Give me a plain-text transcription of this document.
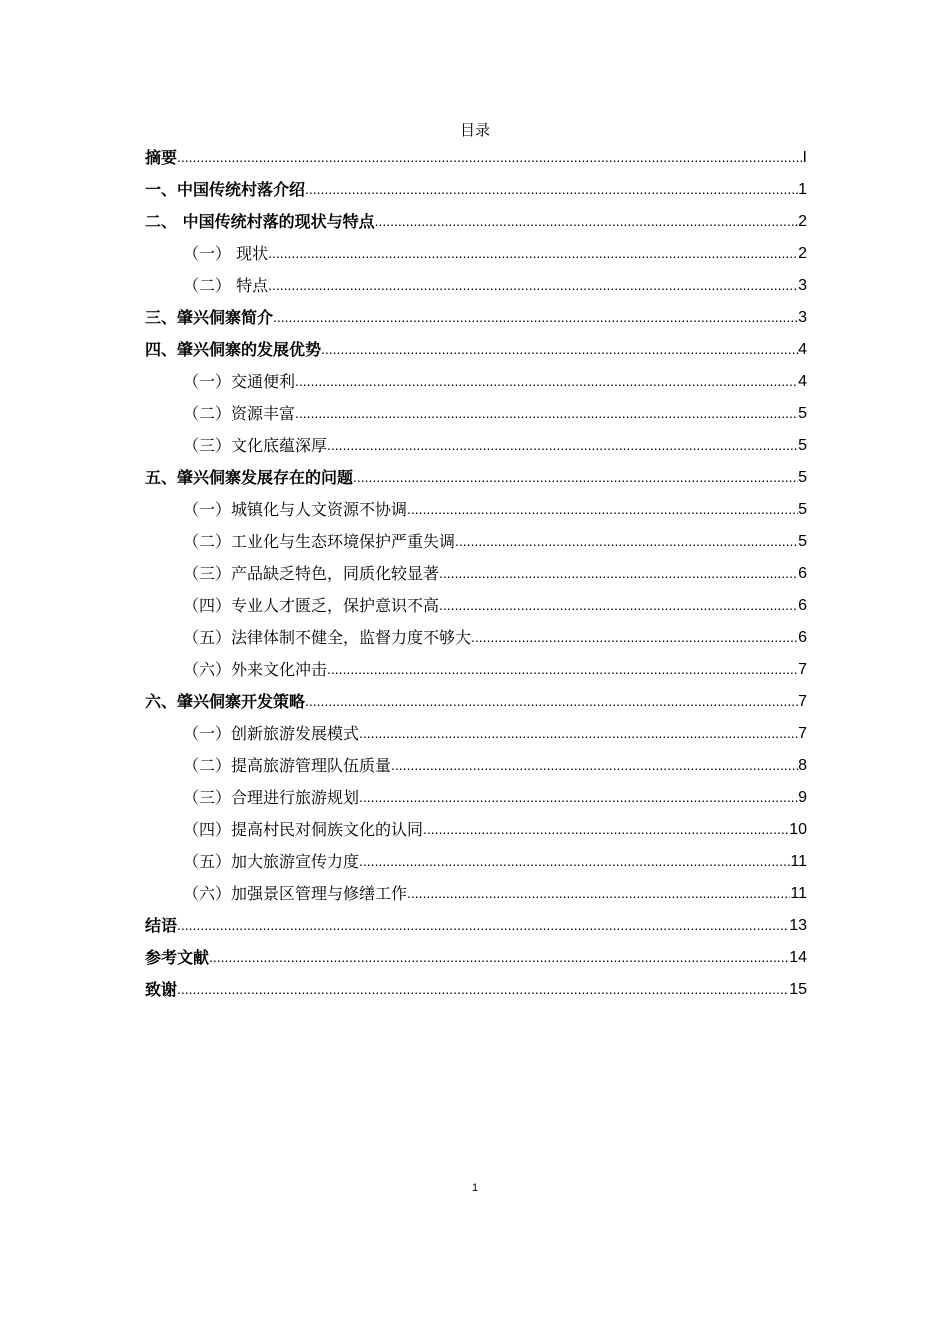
目录
摘要 .....	I
一、中国传统村落介绍 .....	1
二、 中国传统村落的现状与特点 .....	2
（一） 现状 .....	2
（二） 特点 .....	3
三、肇兴侗寨简介 .....	3
四、肇兴侗寨的发展优势 .....	4
（一）交通便利 .....	4
（二）资源丰富 .....	5
（三）文化底蕴深厚 .....	5
五、肇兴侗寨发展存在的问题 .....	5
（一）城镇化与人文资源不协调 .....	5
（二）工业化与生态环境保护严重失调 .....	5
（三）产品缺乏特色，同质化较显著 .....	6
（四）专业人才匮乏，保护意识不高 .....	6
（五）法律体制不健全，监督力度不够大 .....	6
（六）外来文化冲击 .....	7
六、肇兴侗寨开发策略 .....	7
（一）创新旅游发展模式 .....	7
（二）提高旅游管理队伍质量 .....	8
（三）合理进行旅游规划 .....	9
（四）提高村民对侗族文化的认同 .....	10
（五）加大旅游宣传力度 .....	11
（六）加强景区管理与修缮工作 .....	11
结语 .....	13
参考文献 .....	14
致谢 .....	15
1
